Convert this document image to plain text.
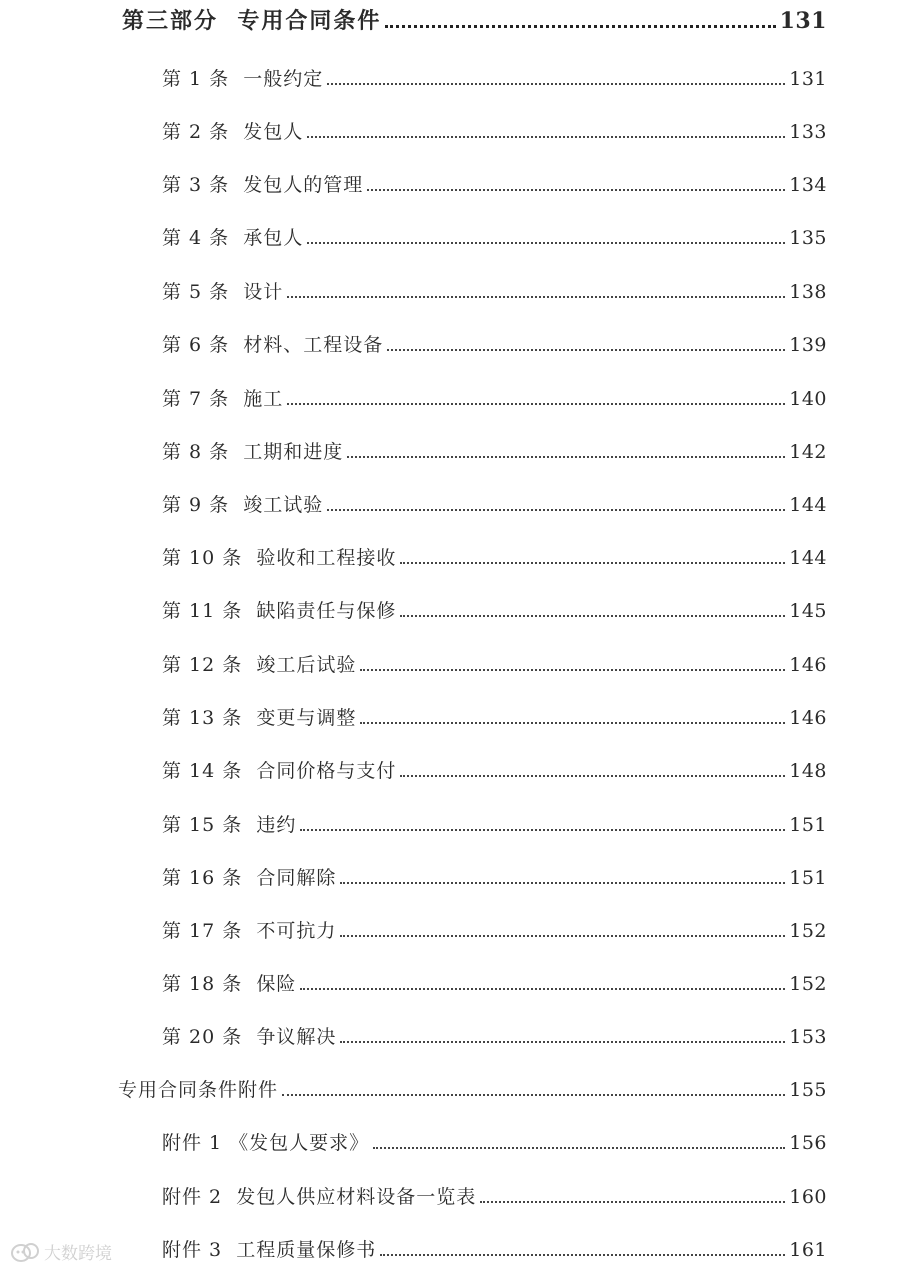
第三部分  专用合同条件	131
第 1 条  一般约定	131
第 2 条  发包人	133
第 3 条  发包人的管理	134
第 4 条  承包人	135
第 5 条  设计	138
第 6 条  材料、工程设备	139
第 7 条  施工	140
第 8 条  工期和进度	142
第 9 条  竣工试验	144
第 10 条  验收和工程接收	144
第 11 条  缺陷责任与保修	145
第 12 条  竣工后试验	146
第 13 条  变更与调整	146
第 14 条  合同价格与支付	148
第 15 条  违约	151
第 16 条  合同解除	151
第 17 条  不可抗力	152
第 18 条  保险	152
第 20 条  争议解决	153
专用合同条件附件	155
附件 1 《发包人要求》	156
附件 2  发包人供应材料设备一览表	160
附件 3  工程质量保修书	161
大数跨境
